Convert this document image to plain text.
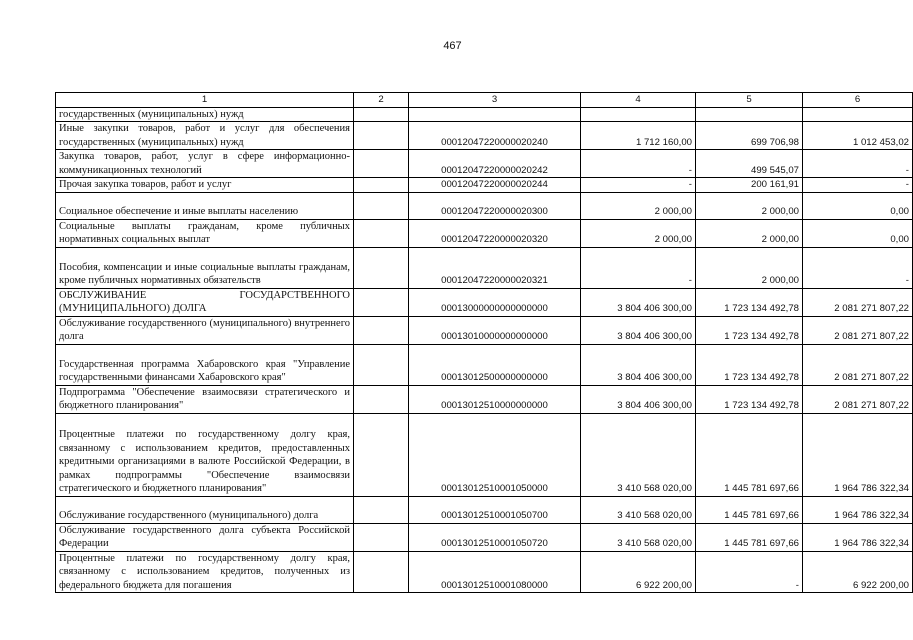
467
1	2	3	4	5	6
государственных (муниципальных) нужд					
Иные закупки товаров, работ и услуг для обеспечения государственных (муниципальных) нужд		00012047220000020240	1 712 160,00	699 706,98	1 012 453,02
Закупка товаров, работ, услуг в сфере информационно-коммуникационных технологий		00012047220000020242	-	499 545,07	-
Прочая закупка товаров, работ и услуг		00012047220000020244	-	200 161,91	-
Социальное обеспечение и иные выплаты населению		00012047220000020300	2 000,00	2 000,00	0,00
Социальные выплаты гражданам, кроме публичных нормативных социальных выплат		00012047220000020320	2 000,00	2 000,00	0,00
Пособия, компенсации и иные социальные выплаты гражданам, кроме публичных нормативных обязательств		00012047220000020321	-	2 000,00	-
ОБСЛУЖИВАНИЕ ГОСУДАРСТВЕННОГО (МУНИЦИПАЛЬНОГО) ДОЛГА		00013000000000000000	3 804 406 300,00	1 723 134 492,78	2 081 271 807,22
Обслуживание государственного (муниципального) внутреннего долга		00013010000000000000	3 804 406 300,00	1 723 134 492,78	2 081 271 807,22
Государственная программа Хабаровского края "Управление государственными финансами Хабаровского края"		00013012500000000000	3 804 406 300,00	1 723 134 492,78	2 081 271 807,22
Подпрограмма "Обеспечение взаимосвязи стратегического и бюджетного планирования"		00013012510000000000	3 804 406 300,00	1 723 134 492,78	2 081 271 807,22
Процентные платежи по государственному долгу края, связанному с использованием кредитов, предоставленных кредитными организациями в валюте Российской Федерации, в рамках подпрограммы "Обеспечение взаимосвязи стратегического и бюджетного планирования"		00013012510001050000	3 410 568 020,00	1 445 781 697,66	1 964 786 322,34
Обслуживание государственного (муниципального) долга		00013012510001050700	3 410 568 020,00	1 445 781 697,66	1 964 786 322,34
Обслуживание государственного долга субъекта Российской Федерации		00013012510001050720	3 410 568 020,00	1 445 781 697,66	1 964 786 322,34
Процентные платежи по государственному долгу края, связанному с использованием кредитов, полученных из федерального бюджета для погашения		00013012510001080000	6 922 200,00	-	6 922 200,00
